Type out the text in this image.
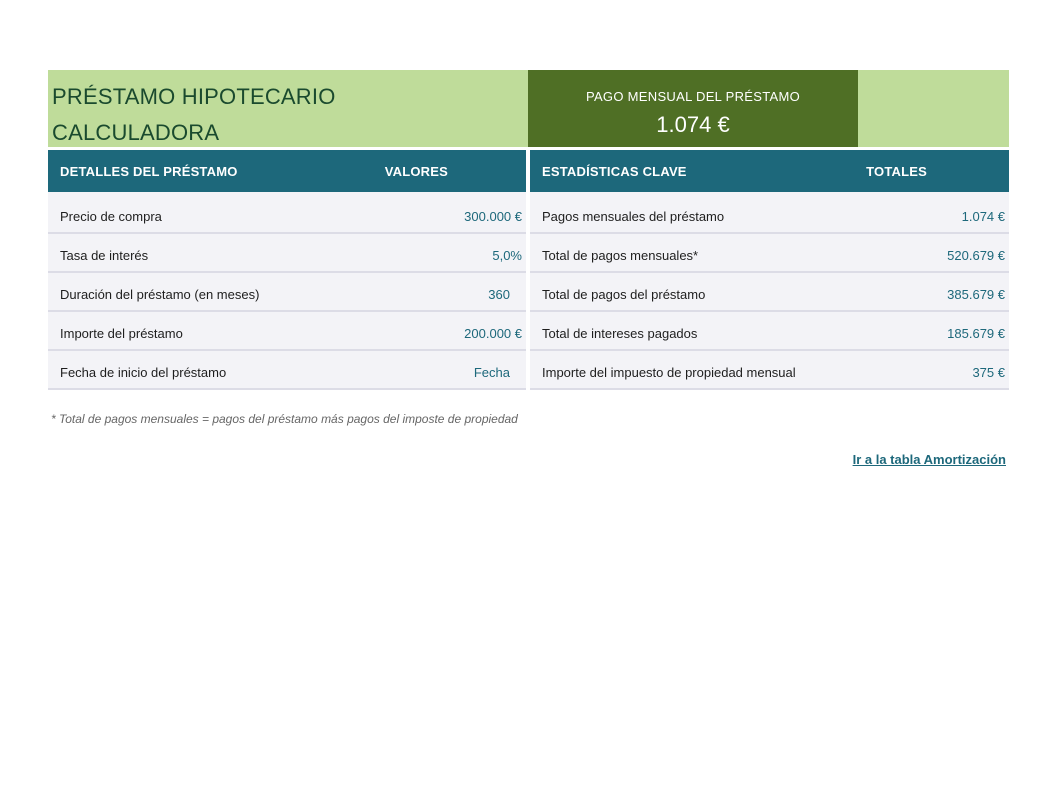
PRÉSTAMO HIPOTECARIO
CALCULADORA
PAGO MENSUAL DEL PRÉSTAMO
1.074 €
DETALLES DEL PRÉSTAMO	VALORES
Precio de compra	300.000 €
Tasa de interés	5,0%
Duración del préstamo (en meses)	360
Importe del préstamo	200.000 €
Fecha de inicio del préstamo	Fecha
ESTADÍSTICAS CLAVE	TOTALES
Pagos mensuales del préstamo	1.074 €
Total de pagos mensuales*	520.679 €
Total de pagos del préstamo	385.679 €
Total de intereses pagados	185.679 €
Importe del impuesto de propiedad mensual	375 €
* Total de pagos mensuales = pagos del préstamo más pagos del imposte de propiedad
Ir a la tabla Amortización
